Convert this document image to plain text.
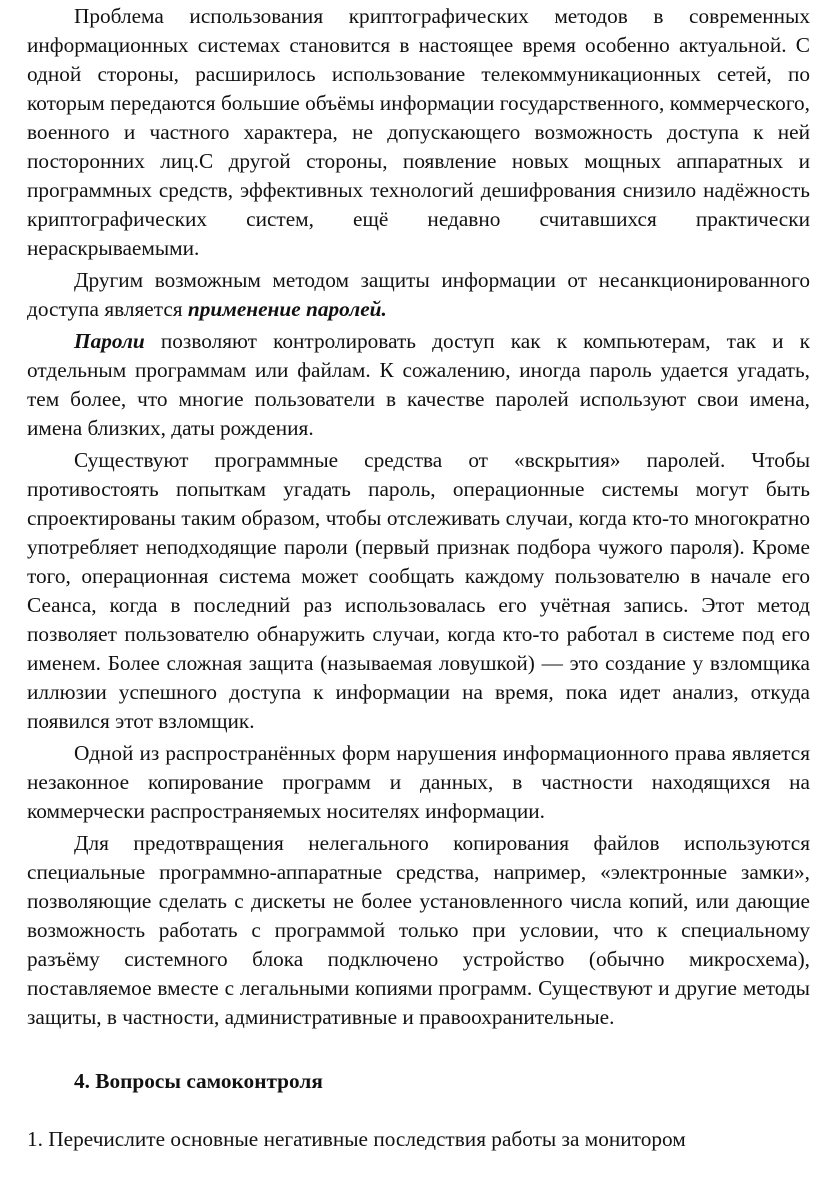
Проблема использования криптографических методов в современных информационных системах становится в настоящее время особенно актуальной. С одной стороны, расширилось использование телекоммуникационных сетей, по которым передаются большие объёмы информации государственного, коммерческого, военного и частного характера, не допускающего возможность доступа к ней посторонних лиц.С другой стороны, появление новых мощных аппаратных и программных средств, эффективных технологий дешифрования снизило надёжность криптографических систем, ещё недавно считавшихся практически нераскрываемыми.

Другим возможным методом защиты информации от несанкционированного доступа является применение паролей.

Пароли позволяют контролировать доступ как к компьютерам, так и к отдельным программам или файлам. К сожалению, иногда пароль удается угадать, тем более, что многие пользователи в качестве паролей используют свои имена, имена близких, даты рождения.

Существуют программные средства от «вскрытия» паролей. Чтобы противостоять попыткам угадать пароль, операционные системы могут быть спроектированы таким образом, чтобы отслеживать случаи, когда кто-то многократно употребляет неподходящие пароли (первый признак подбора чужого пароля). Кроме того, операционная система может сообщать каждому пользователю в начале его Сеанса, когда в последний раз использовалась его учётная запись. Этот метод позволяет пользователю обнаружить случаи, когда кто-то работал в системе под его именем. Более сложная защита (называемая ловушкой) — это создание у взломщика иллюзии успешного доступа к информации на время, пока идет анализ, откуда появился этот взломщик.

Одной из распространённых форм нарушения информационного права является незаконное копирование программ и данных, в частности находящихся на коммерчески распространяемых носителях информации.

Для предотвращения нелегального копирования файлов используются специальные программно-аппаратные средства, например, «электронные замки», позволяющие сделать с дискеты не более установленного числа копий, или дающие возможность работать с программой только при условии, что к специальному разъёму системного блока подключено устройство (обычно микросхема), поставляемое вместе с легальными копиями программ. Существуют и другие методы защиты, в частности, административные и правоохранительные.

4. Вопросы самоконтроля

1. Перечислите основные негативные последствия работы за монитором
